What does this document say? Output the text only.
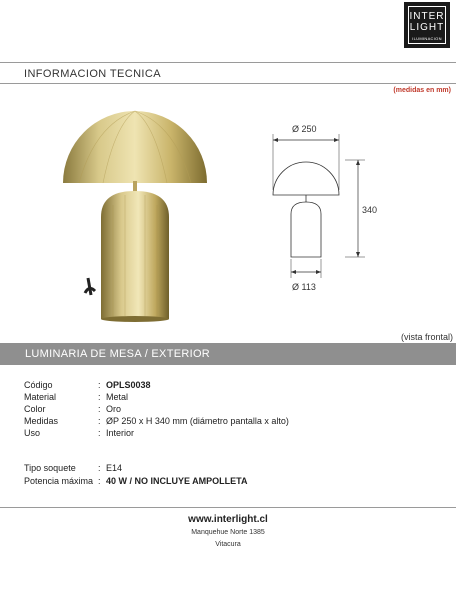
INTER
LIGHT
ILUMINACION
INFORMACION TECNICA
(medidas en mm)
Ø 250
340
Ø 113
(vista frontal)
LUMINARIA DE MESA / EXTERIOR
Código	: OPLS0038
Material	: Metal
Color	: Oro
Medidas	: ØP 250 x H 340 mm (diámetro pantalla x alto)
Uso	: Interior
Tipo soquete : E14
Potencia máxima : 40 W / NO INCLUYE AMPOLLETA
www.interlight.cl
Manquehue Norte 1385
Vitacura
